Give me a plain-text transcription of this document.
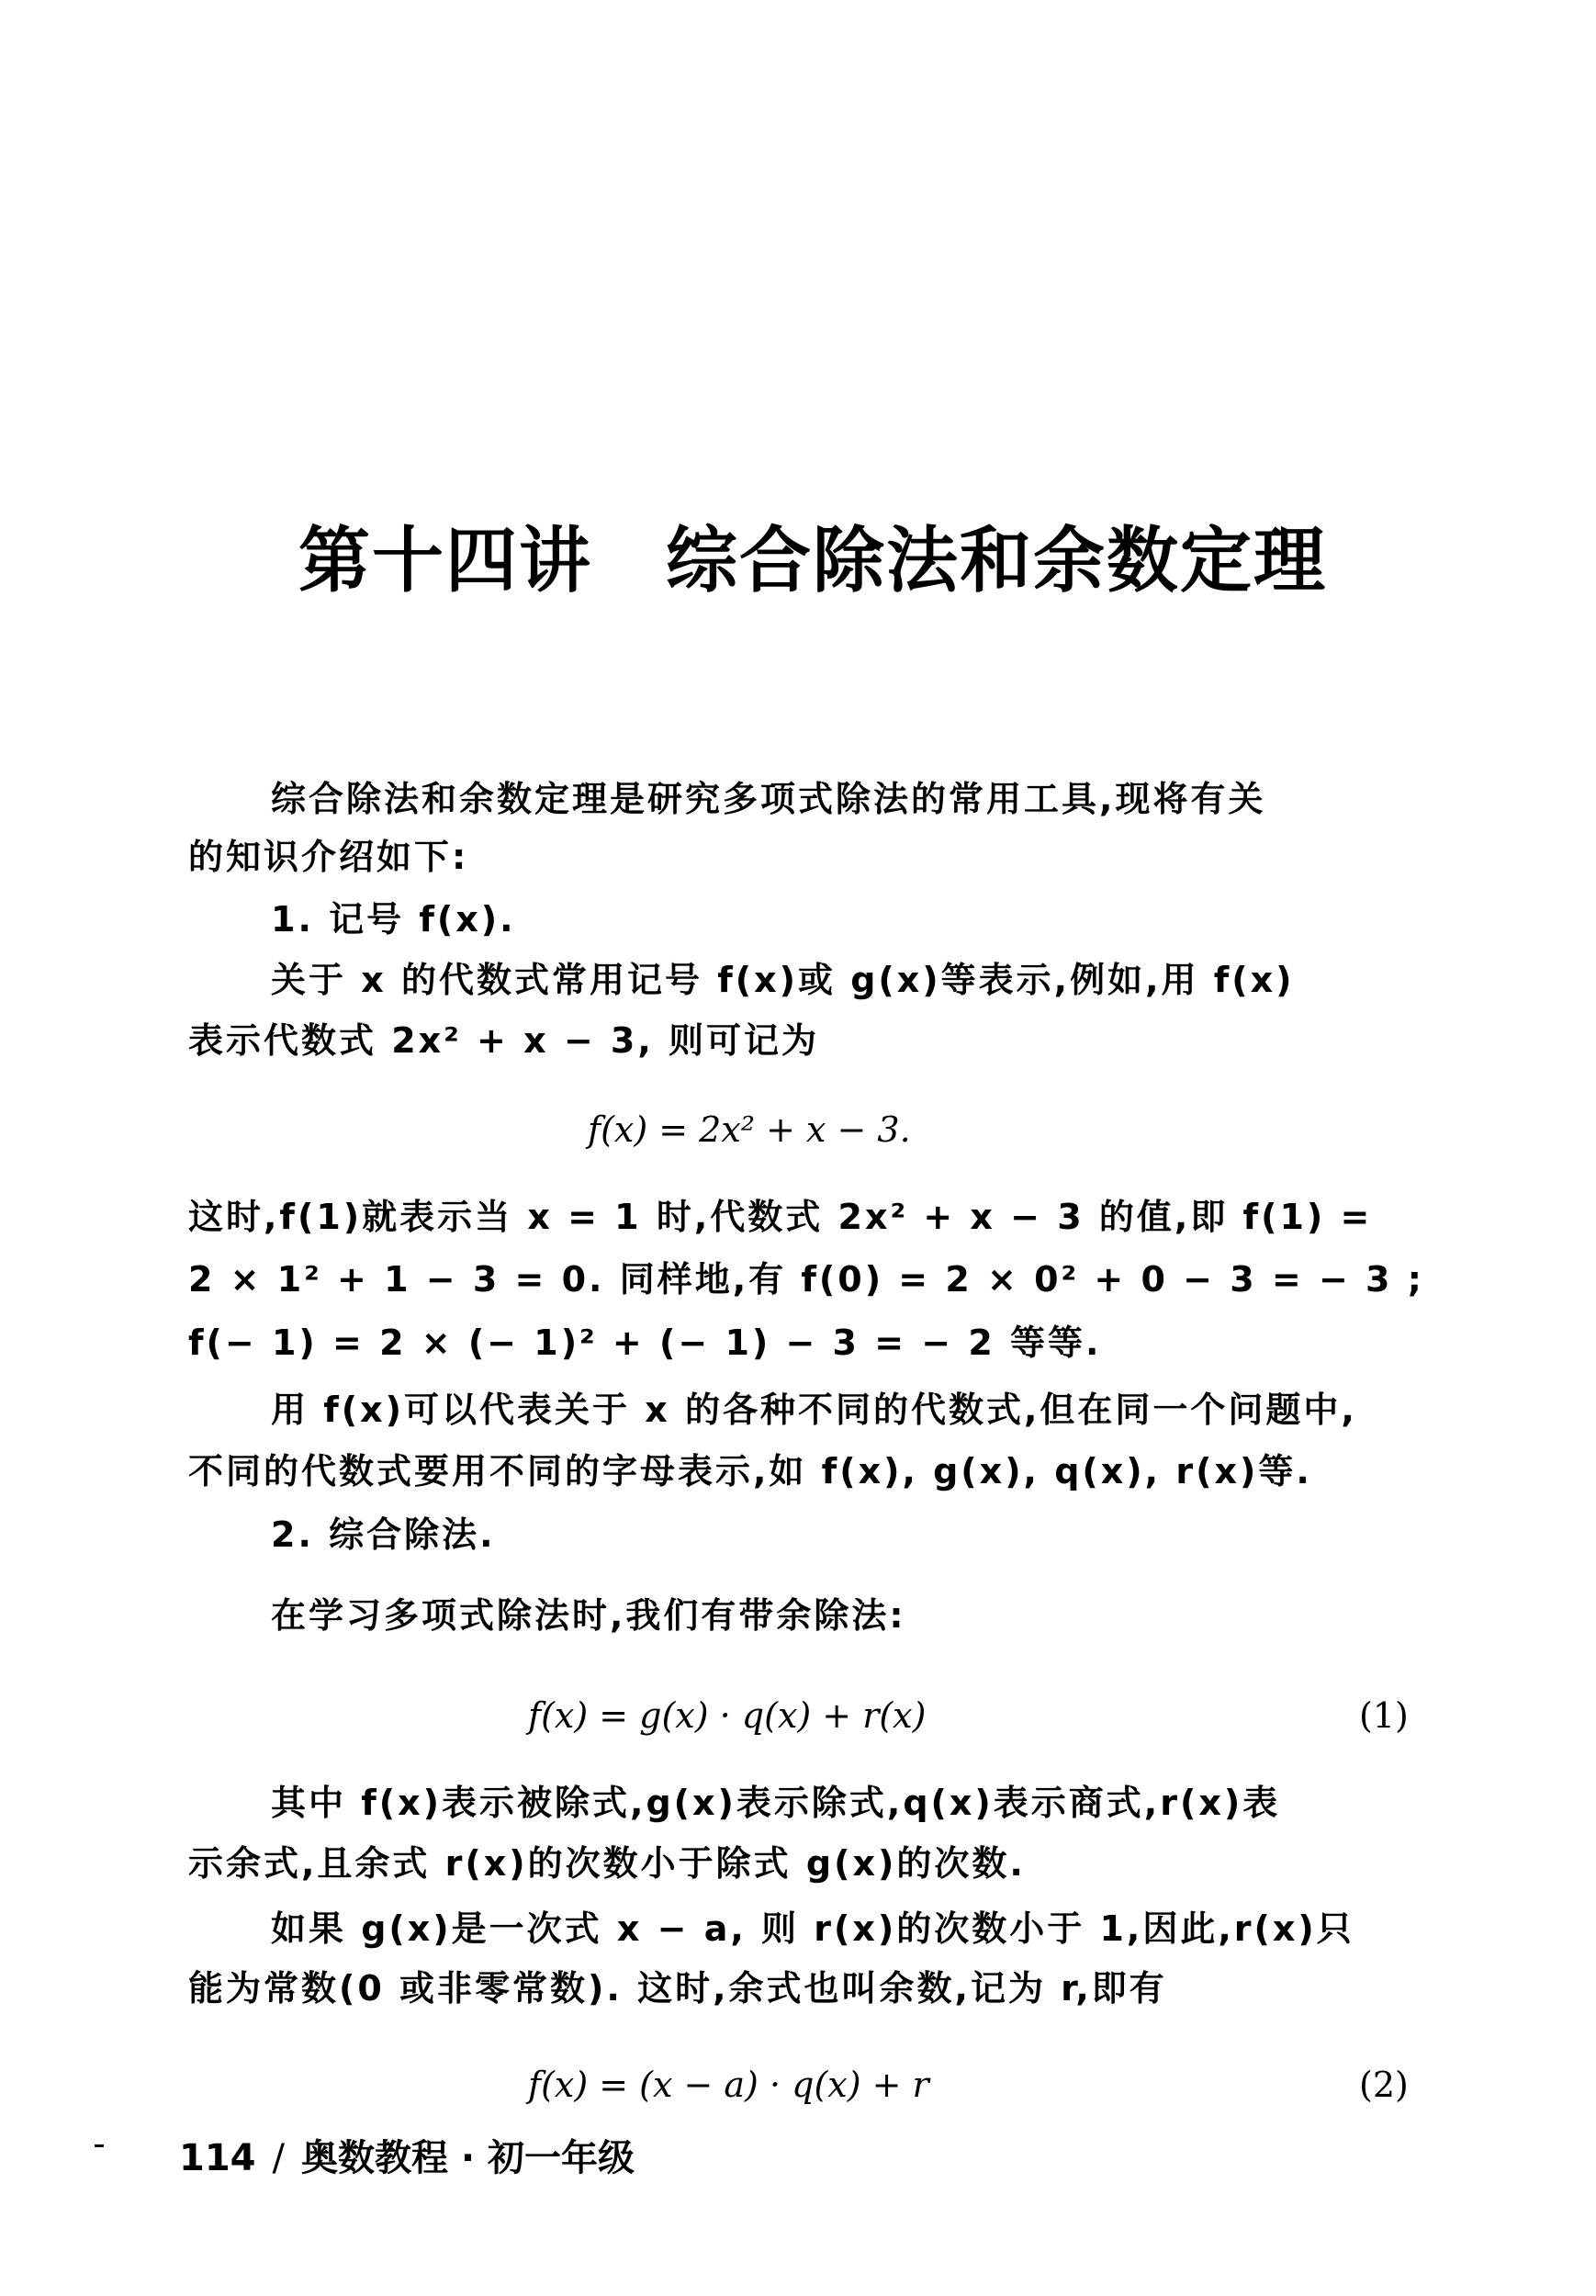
第十四讲 综合除法和余数定理
综合除法和余数定理是研究多项式除法的常用工具,现将有关
的知识介绍如下:
1. 记号 f(x).
关于 x 的代数式常用记号 f(x)或 g(x)等表示,例如,用 f(x)
表示代数式 2x² + x − 3, 则可记为
f(x) = 2x² + x − 3.
这时,f(1)就表示当 x = 1 时,代数式 2x² + x − 3 的值,即 f(1) =
2 × 1² + 1 − 3 = 0. 同样地,有 f(0) = 2 × 0² + 0 − 3 = − 3 ;
f(− 1) = 2 × (− 1)² + (− 1) − 3 = − 2 等等.
用 f(x)可以代表关于 x 的各种不同的代数式,但在同一个问题中,
不同的代数式要用不同的字母表示,如 f(x), g(x), q(x), r(x)等.
2. 综合除法.
在学习多项式除法时,我们有带余除法:
f(x) = g(x) · q(x) + r(x)	(1)
其中 f(x)表示被除式,g(x)表示除式,q(x)表示商式,r(x)表
示余式,且余式 r(x)的次数小于除式 g(x)的次数.
如果 g(x)是一次式 x − a, 则 r(x)的次数小于 1,因此,r(x)只
能为常数(0 或非零常数). 这时,余式也叫余数,记为 r,即有
f(x) = (x − a) · q(x) + r	(2)
114 / 奥数教程 · 初一年级
